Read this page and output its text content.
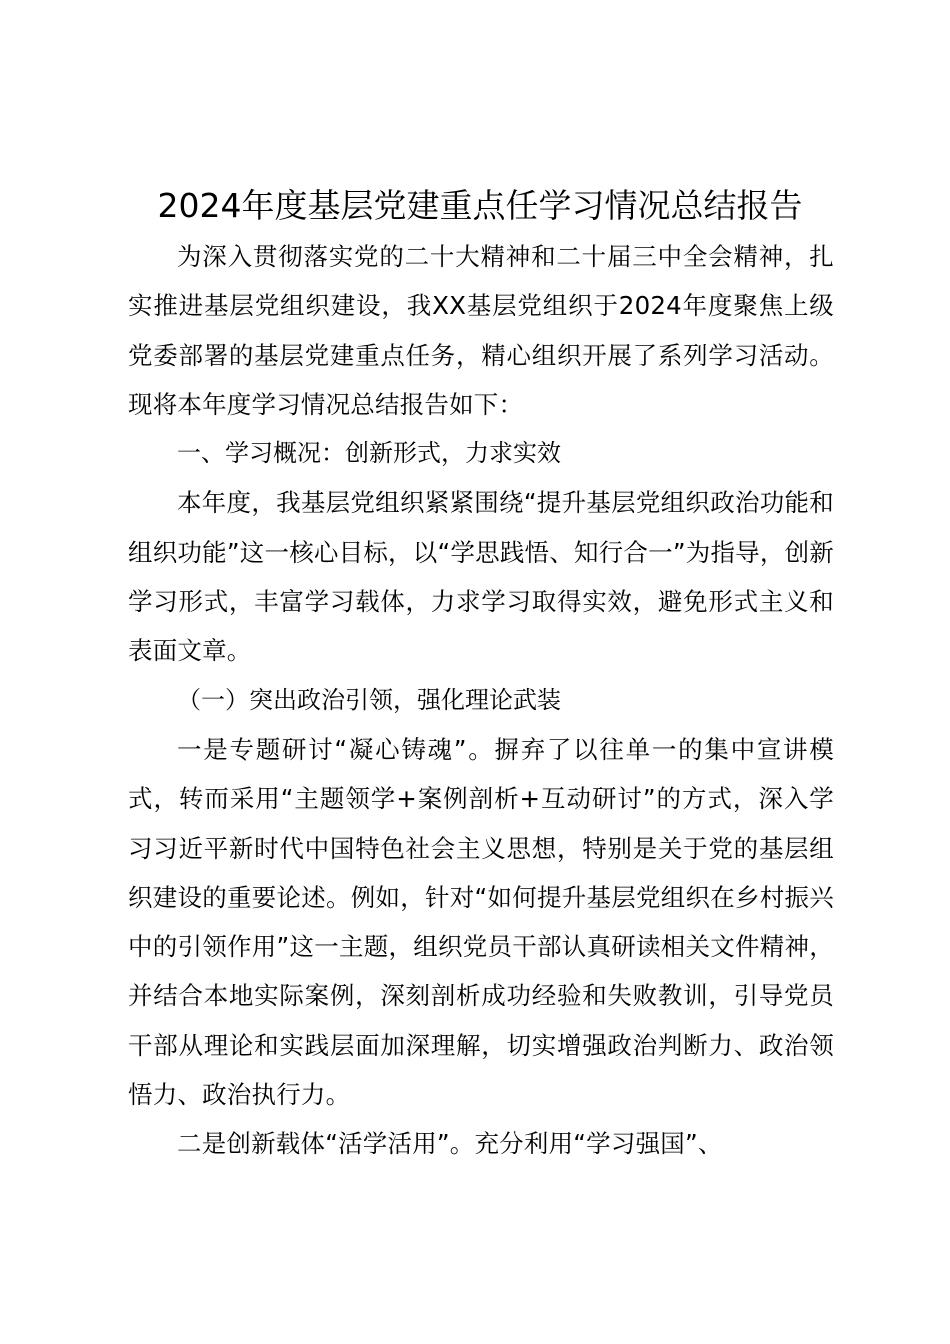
2024年度基层党建重点任学习情况总结报告

为深入贯彻落实党的二十大精神和二十届三中全会精神，扎实推进基层党组织建设，我XX基层党组织于2024年度聚焦上级党委部署的基层党建重点任务，精心组织开展了系列学习活动。现将本年度学习情况总结报告如下：

一、学习概况：创新形式，力求实效

本年度，我基层党组织紧紧围绕“提升基层党组织政治功能和组织功能”这一核心目标，以“学思践悟、知行合一”为指导，创新学习形式，丰富学习载体，力求学习取得实效，避免形式主义和表面文章。

（一）突出政治引领，强化理论武装

一是专题研讨“凝心铸魂”。摒弃了以往单一的集中宣讲模式，转而采用“主题领学+案例剖析+互动研讨”的方式，深入学习习近平新时代中国特色社会主义思想，特别是关于党的基层组织建设的重要论述。例如，针对“如何提升基层党组织在乡村振兴中的引领作用”这一主题，组织党员干部认真研读相关文件精神，并结合本地实际案例，深刻剖析成功经验和失败教训，引导党员干部从理论和实践层面加深理解，切实增强政治判断力、政治领悟力、政治执行力。

二是创新载体“活学活用”。充分利用“学习强国”、
